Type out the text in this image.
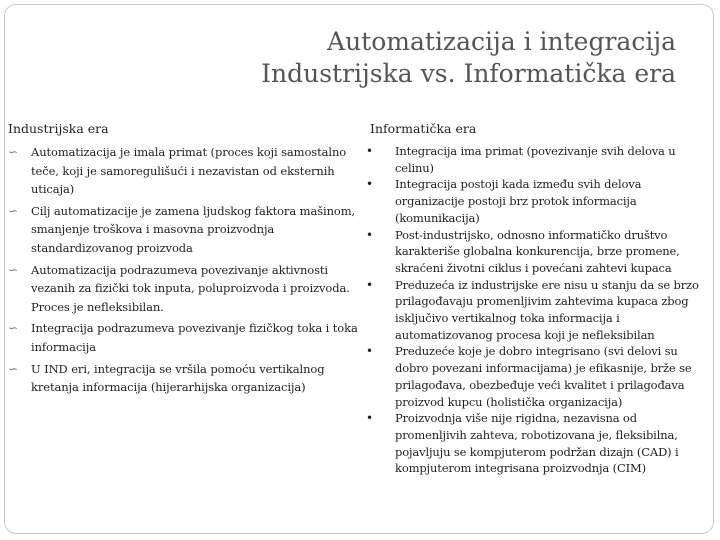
Automatizacija i integracija
Industrijska vs. Informatička era
Industrijska era	Informatička era
∽	Automatizacija je imala primat (proces koji samostalno teče, koji je samoregulišući i nezavistan od eksternih uticaja)
∽	Cilj automatizacije je zamena ljudskog faktora mašinom, smanjenje troškova i masovna proizvodnja standardizovanog proizvoda
∽	Automatizacija podrazumeva povezivanje aktivnosti vezanih za fizički tok inputa, poluproizvoda i proizvoda. Proces je nefleksibilan.
∽	Integracija podrazumeva povezivanje fizičkog toka i toka informacija
∽	U IND eri, integracija se vršila pomoću vertikalnog kretanja informacija (hijerarhijska organizacija)
• Integracija ima primat (povezivanje svih delova u celinu)
• Integracija postoji kada između svih delova organizacije postoji brz protok informacija (komunikacija)
• Post-industrijsko, odnosno informatičko društvo karakteriše globalna konkurencija, brze promene, skraćeni životni ciklus i povećani zahtevi kupaca
• Preduzeća iz industrijske ere nisu u stanju da se brzo prilagođavaju promenljivim zahtevima kupaca zbog isključivo vertikalnog toka informacija i automatizovanog procesa koji je nefleksibilan
• Preduzeće koje je dobro integrisano (svi delovi su dobro povezani informacijama) je efikasnije, brže se prilagođava, obezbeđuje veći kvalitet i prilagođava proizvod kupcu (holistička organizacija)
• Proizvodnja više nije rigidna, nezavisna od promenljivih zahteva, robotizovana je, fleksibilna, pojavljuju se kompjuterom podržan dizajn (CAD) i kompjuterom integrisana proizvodnja (CIM)
